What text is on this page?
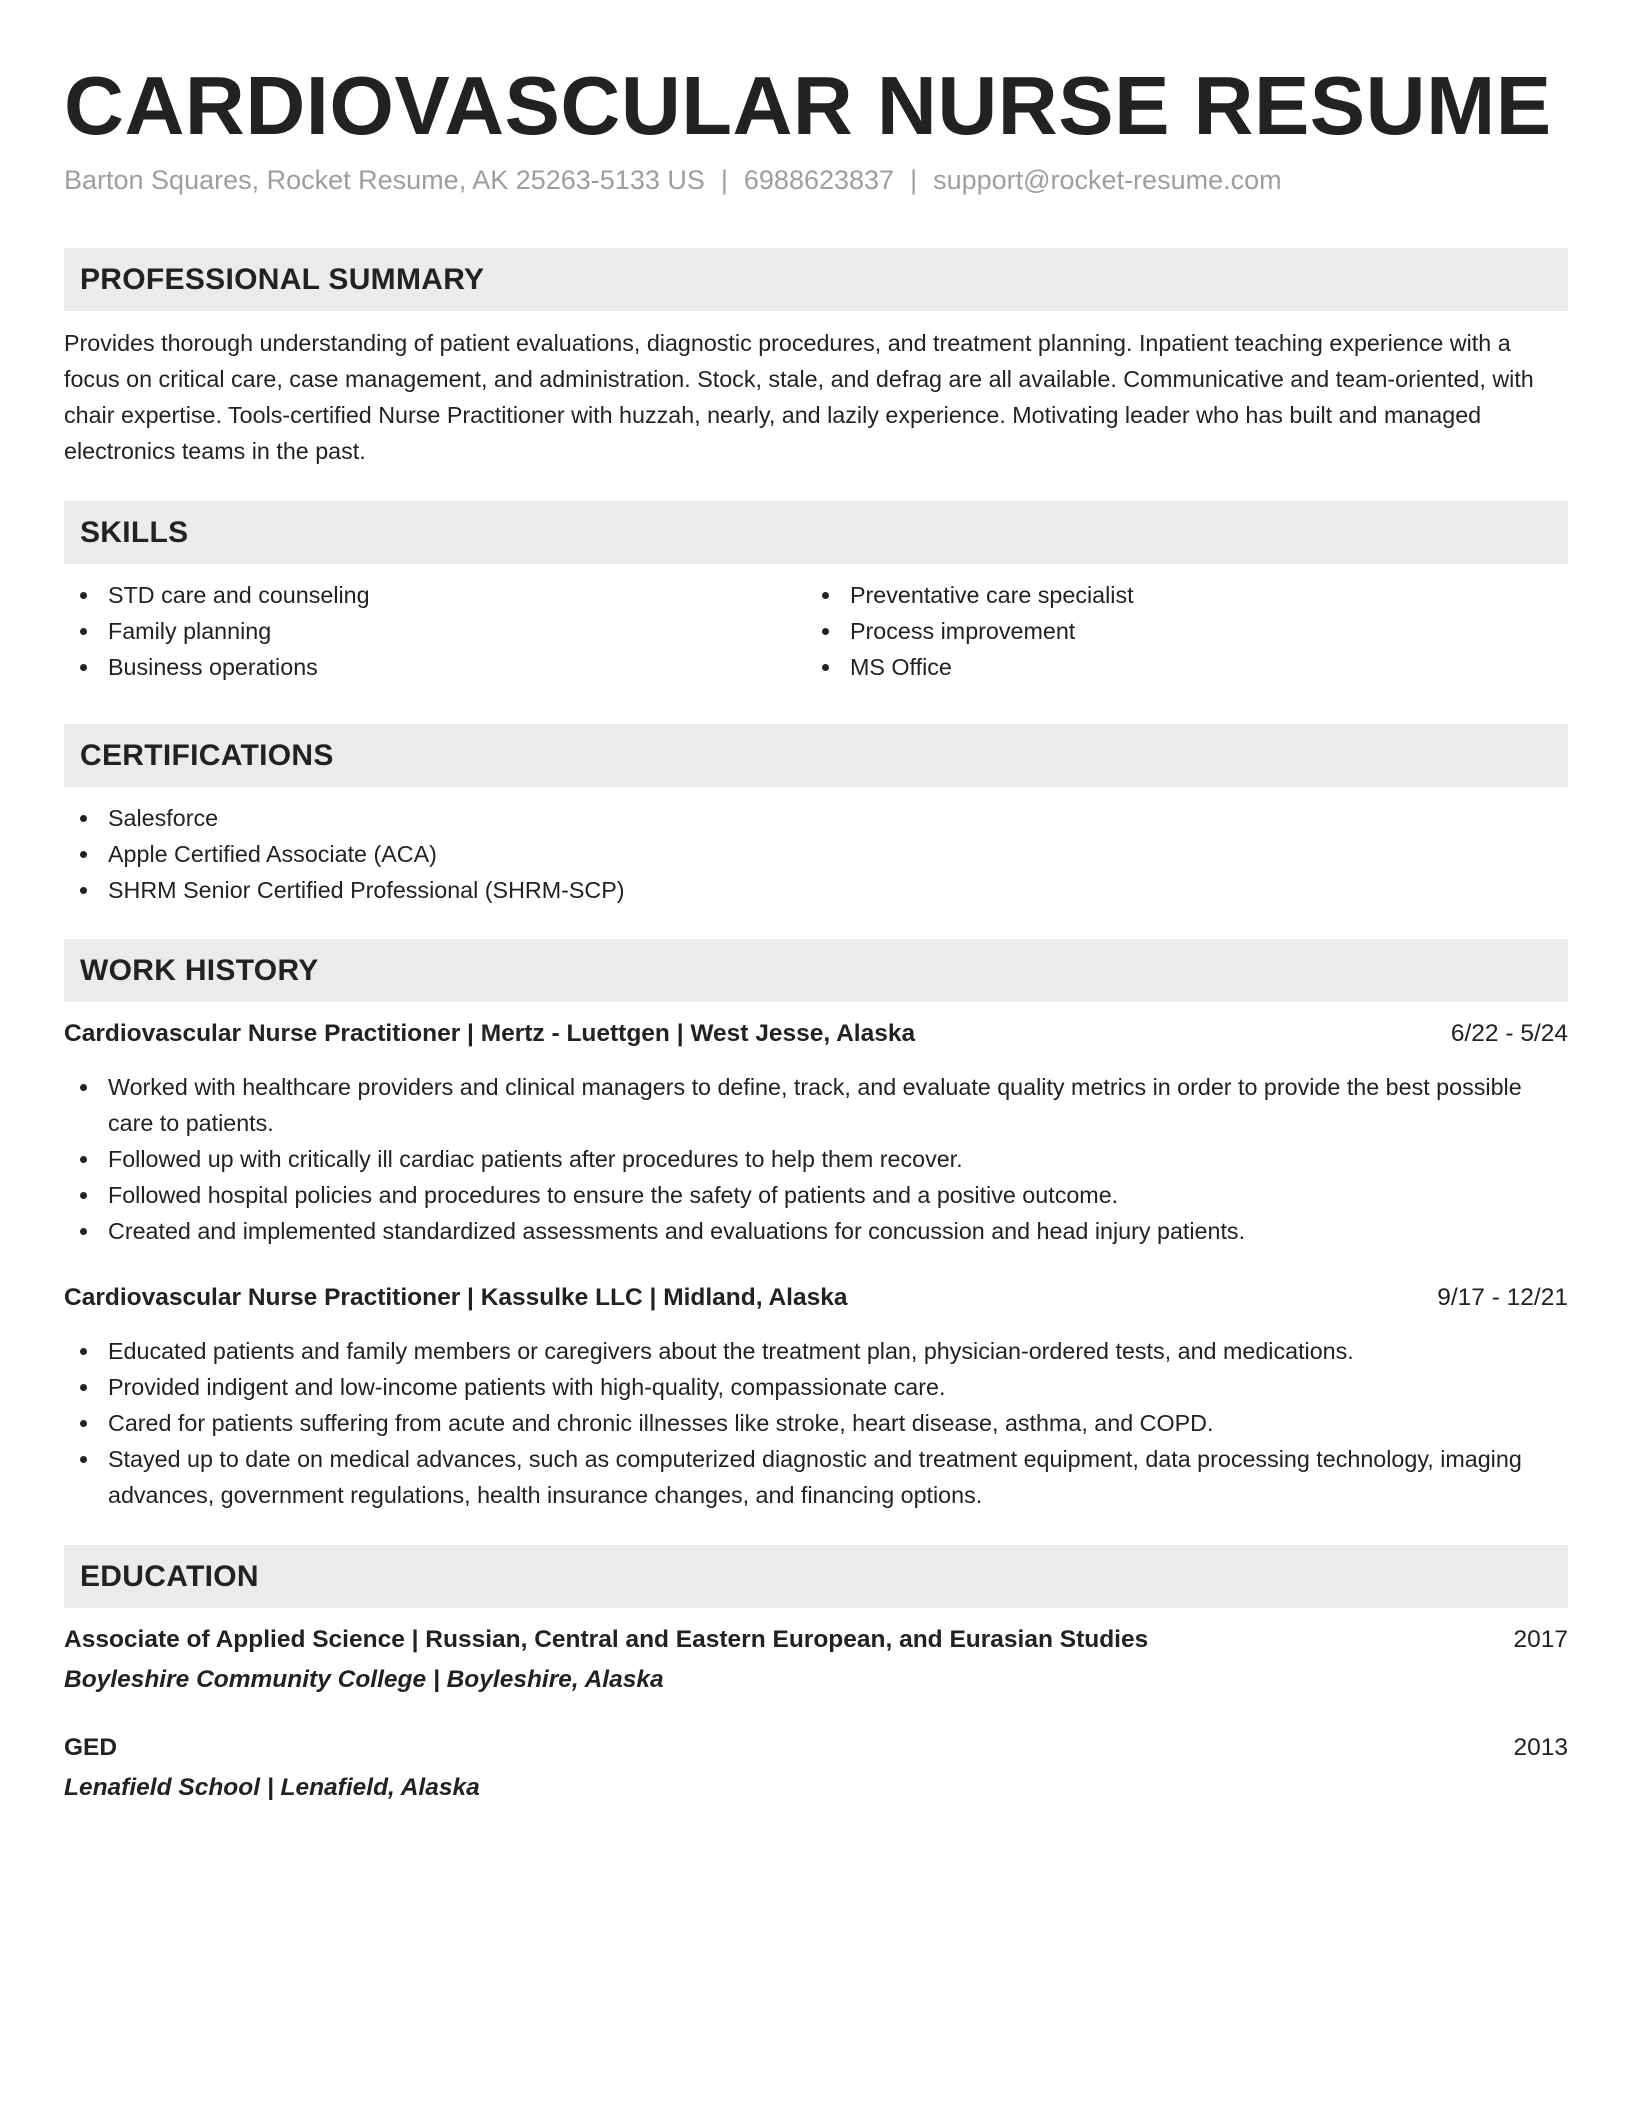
CARDIOVASCULAR NURSE RESUME
Barton Squares, Rocket Resume, AK 25263-5133 US | 6988623837 | support@rocket-resume.com
PROFESSIONAL SUMMARY

Provides thorough understanding of patient evaluations, diagnostic procedures, and treatment planning. Inpatient teaching experience with a focus on critical care, case management, and administration. Stock, stale, and defrag are all available. Communicative and team-oriented, with chair expertise. Tools-certified Nurse Practitioner with huzzah, nearly, and lazily experience. Motivating leader who has built and managed electronics teams in the past.

SKILLS
STD care and counseling
Family planning
Business operations
Preventative care specialist
Process improvement
MS Office
CERTIFICATIONS
Salesforce
Apple Certified Associate (ACA)
SHRM Senior Certified Professional (SHRM-SCP)
WORK HISTORY
Cardiovascular Nurse Practitioner | Mertz - Luettgen | West Jesse, Alaska	6/22 - 5/24
Worked with healthcare providers and clinical managers to define, track, and evaluate quality metrics in order to provide the best possible care to patients.
Followed up with critically ill cardiac patients after procedures to help them recover.
Followed hospital policies and procedures to ensure the safety of patients and a positive outcome.
Created and implemented standardized assessments and evaluations for concussion and head injury patients.
Cardiovascular Nurse Practitioner | Kassulke LLC | Midland, Alaska	9/17 - 12/21
Educated patients and family members or caregivers about the treatment plan, physician-ordered tests, and medications.
Provided indigent and low-income patients with high-quality, compassionate care.
Cared for patients suffering from acute and chronic illnesses like stroke, heart disease, asthma, and COPD.
Stayed up to date on medical advances, such as computerized diagnostic and treatment equipment, data processing technology, imaging advances, government regulations, health insurance changes, and financing options.
EDUCATION
Associate of Applied Science | Russian, Central and Eastern European, and Eurasian Studies	2017
Boyleshire Community College | Boyleshire, Alaska
GED	2013
Lenafield School | Lenafield, Alaska
